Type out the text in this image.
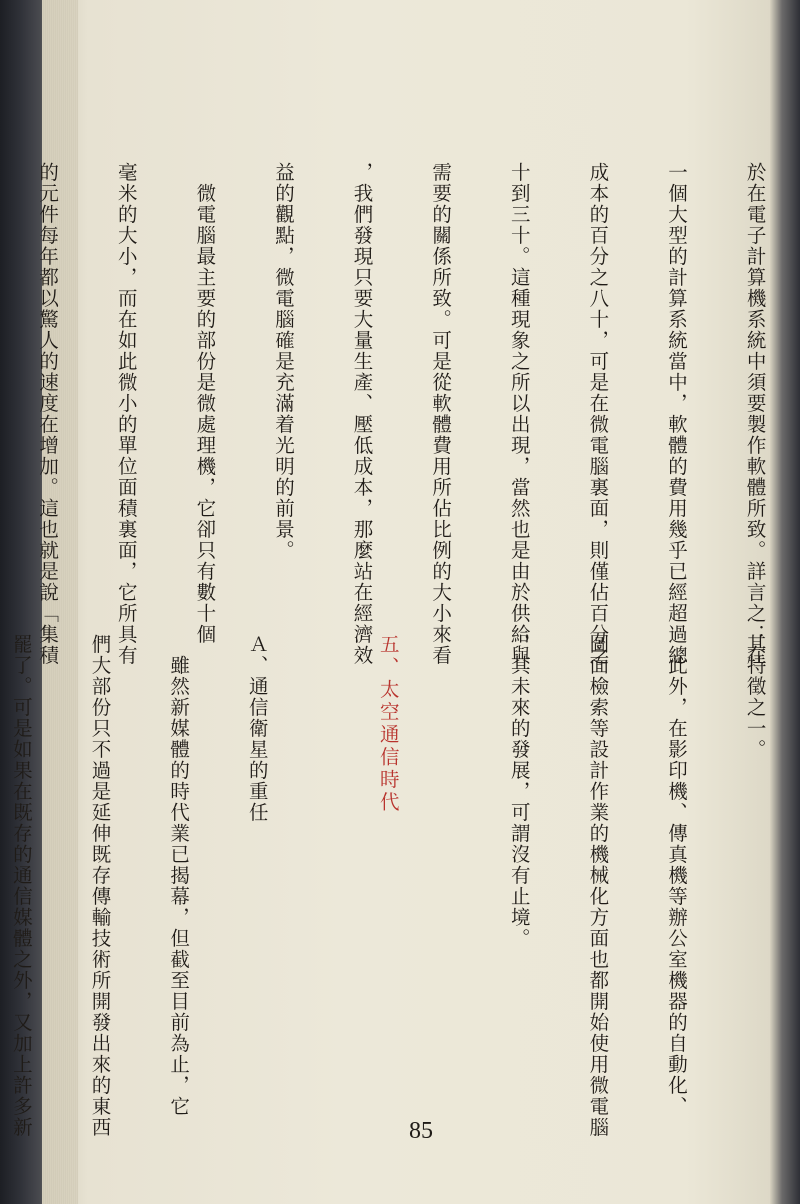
於在電子計算機系統中須要製作軟體所致。詳言之：在

一個大型的計算系統當中，軟體的費用幾乎已經超過總

成本的百分之八十，可是在微電腦裏面，則僅佔百分之

十到三十。這種現象之所以出現，當然也是由於供給與

需要的關係所致。可是從軟體費用所佔比例的大小來看

，我們發現只要大量生產、壓低成本，那麼站在經濟效

益的觀點，微電腦確是充滿着光明的前景。

　微電腦最主要的部份是微處理機，它卻只有數十個

毫米的大小，而在如此微小的單位面積裏面，它所具有

的元件每年都以驚人的速度在增加。這也就是說「集積

其特徵之一。

　此外，在影印機、傳真機等辦公室機器的自動化、

圖面檢索等設計作業的機械化方面也都開始使用微電腦

，其未來的發展，可謂沒有止境。

五、太空通信時代

Ａ、通信衛星的重任

　雖然新媒體的時代業已揭幕，但截至目前為止，它

們大部份只不過是延伸既存傳輸技術所開發出來的東西

罷了。可是如果在既存的通信媒體之外，又加上許多新

	85
